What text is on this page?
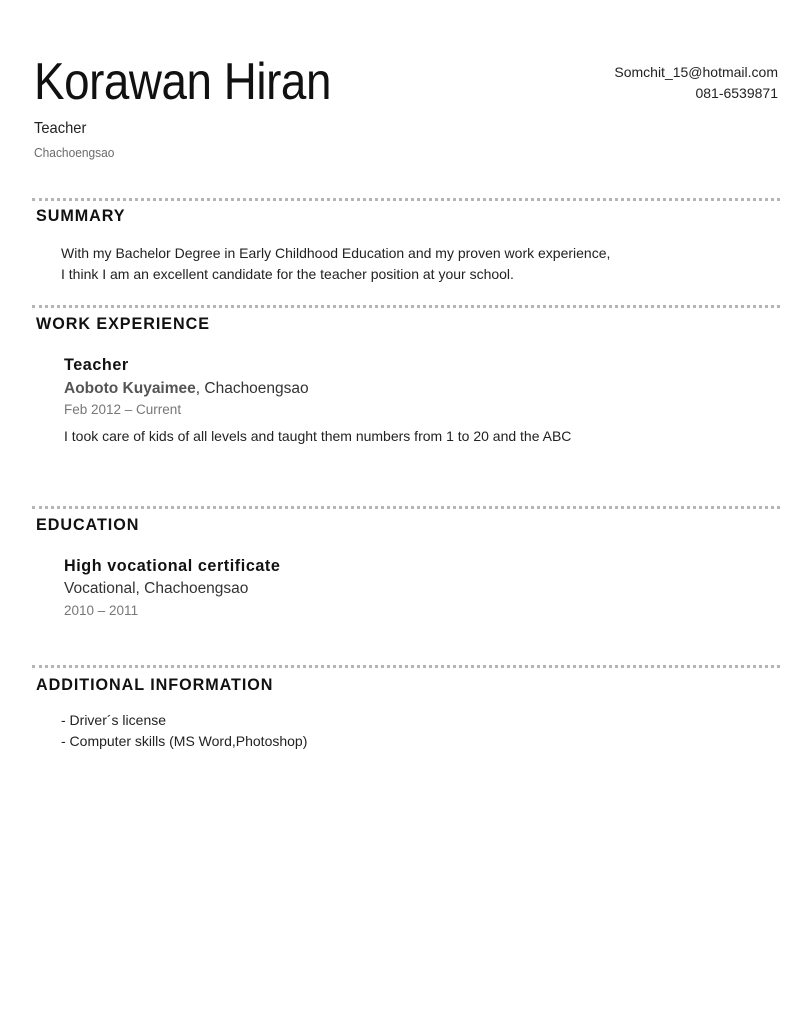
Korawan Hiran
Teacher
Chachoengsao
Somchit_15@hotmail.com
081-6539871
SUMMARY
With my Bachelor Degree in Early Childhood Education and my proven work experience,
I think I am an excellent candidate for the teacher position at your school.
WORK EXPERIENCE
Teacher
Aoboto Kuyaimee, Chachoengsao
Feb 2012 – Current
I took care of kids of all levels and taught them numbers from 1 to 20 and the ABC
EDUCATION
High vocational certificate
Vocational, Chachoengsao
2010 – 2011
ADDITIONAL INFORMATION
- Driver´s license
- Computer skills (MS Word,Photoshop)
